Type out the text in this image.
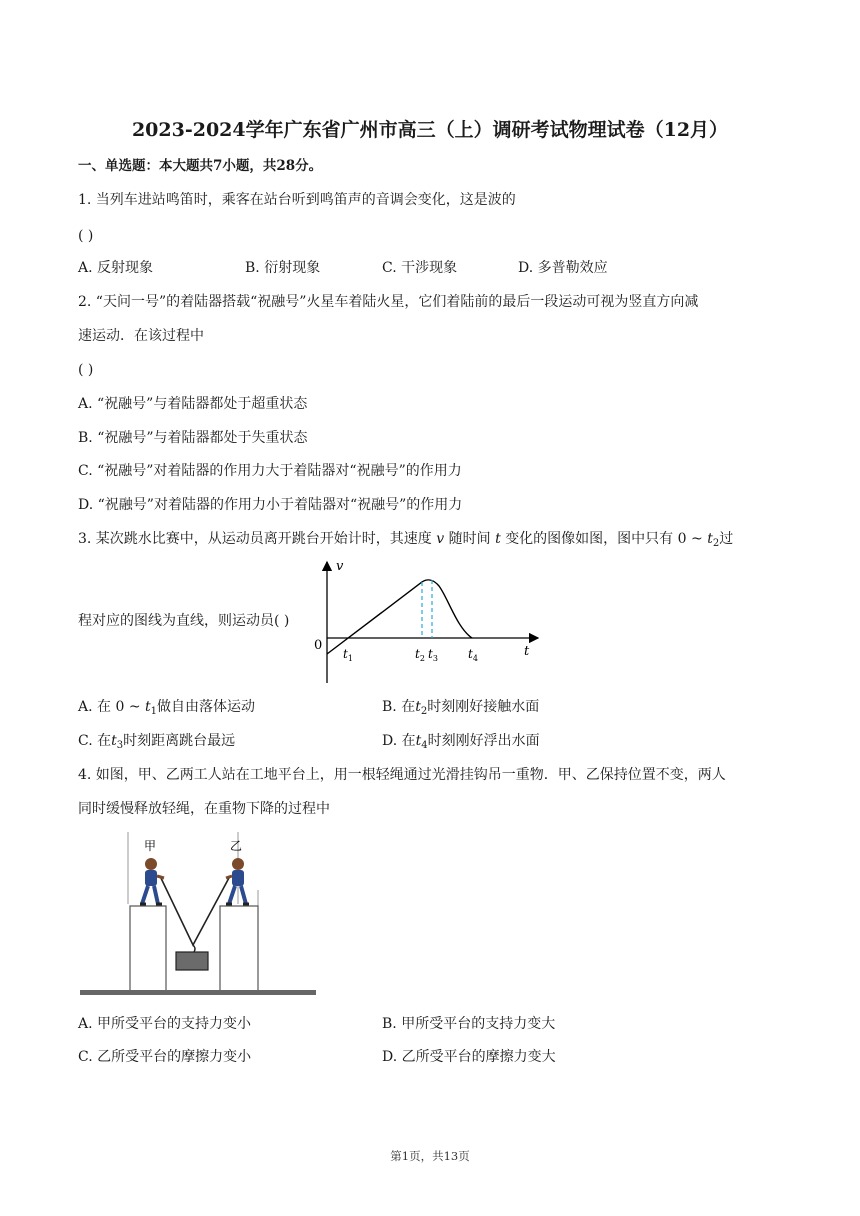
2023-2024学年广东省广州市高三（上）调研考试物理试卷（12月）
一、单选题：本大题共7小题，共28分。
1. 当列车进站鸣笛时，乘客在站台听到鸣笛声的音调会变化，这是波的
( )
A. 反射现象	B. 衍射现象	C. 干涉现象	D. 多普勒效应
2. “天问一号”的着陆器搭载“祝融号”火星车着陆火星，它们着陆前的最后一段运动可视为竖直方向减
速运动．在该过程中
( )
A. “祝融号”与着陆器都处于超重状态
B. “祝融号”与着陆器都处于失重状态
C. “祝融号”对着陆器的作用力大于着陆器对“祝融号”的作用力
D. “祝融号”对着陆器的作用力小于着陆器对“祝融号”的作用力
3. 某次跳水比赛中，从运动员离开跳台开始计时，其速度 v 随时间 t 变化的图像如图，图中只有 0 ~ $t_2$过
程对应的图线为直线，则运动员( )
v
t
0
$t_1$	$t_2$ $t_3$	$t_4$
A. 在 0 ~ $t_1$做自由落体运动	B. 在$t_2$时刻刚好接触水面
C. 在$t_3$时刻距离跳台最远	D. 在$t_4$时刻刚好浮出水面
4. 如图，甲、乙两工人站在工地平台上，用一根轻绳通过光滑挂钩吊一重物．甲、乙保持位置不变，两人
同时缓慢释放轻绳，在重物下降的过程中
甲	乙
A. 甲所受平台的支持力变小	B. 甲所受平台的支持力变大
C. 乙所受平台的摩擦力变小	D. 乙所受平台的摩擦力变大
第1页，共13页
